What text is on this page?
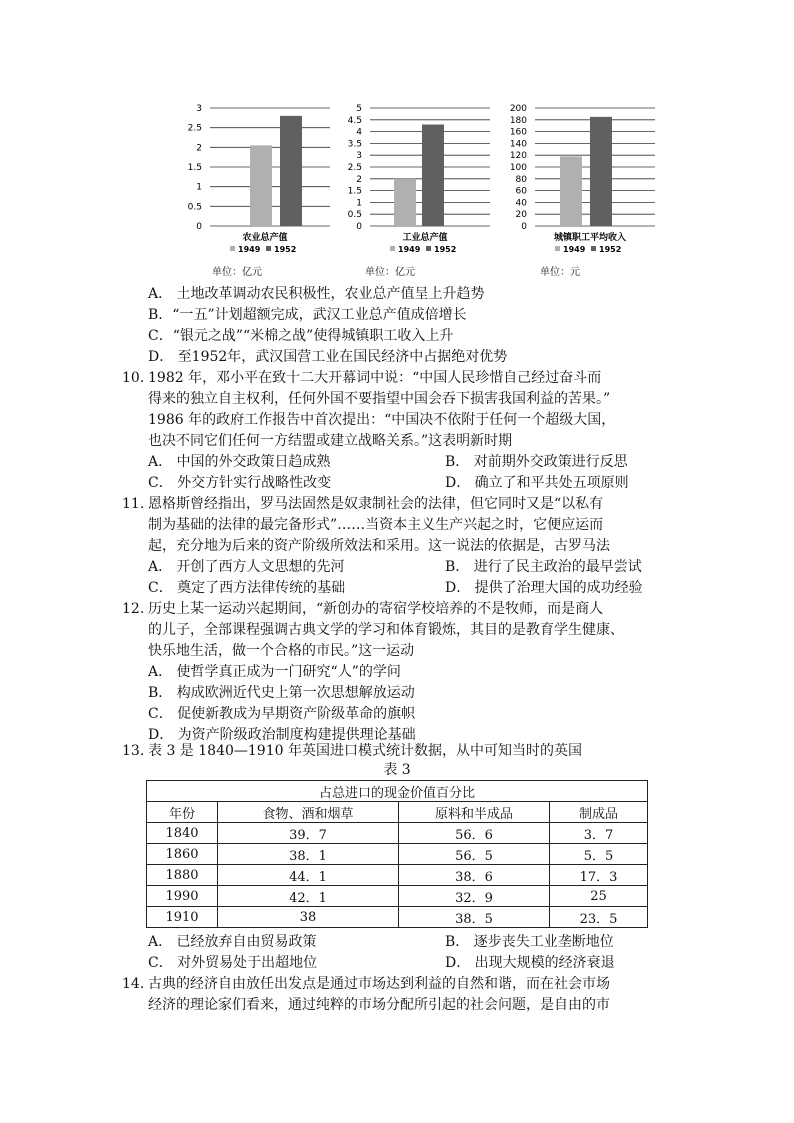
0
0.5
1
1.5
2
2.5
3
农业总产值
1949 1952
单位：亿元
0
0.5
1
1.5
2
2.5
3
3.5
4
4.5
5
工业总产值
1949 1952
单位：亿元
0
20
40
60
80
100
120
140
160
180
200
城镇职工平均收入
1949 1952
单位：元
A． 土地改革调动农民积极性，农业总产值呈上升趋势
B．“一五”计划超额完成，武汉工业总产值成倍增长
C．“银元之战”“米棉之战”使得城镇职工收入上升
D． 至1952年，武汉国营工业在国民经济中占据绝对优势
10. 1982 年，邓小平在致十二大开幕词中说：“中国人民珍惜自己经过奋斗而
得来的独立自主权利，任何外国不要指望中国会吞下损害我国利益的苦果。”
1986 年的政府工作报告中首次提出：“中国决不依附于任何一个超级大国，
也决不同它们任何一方结盟或建立战略关系。”这表明新时期
A． 中国的外交政策日趋成熟	B． 对前期外交政策进行反思
C． 外交方针实行战略性改变	D． 确立了和平共处五项原则
11. 恩格斯曾经指出，罗马法固然是奴隶制社会的法律，但它同时又是“以私有
制为基础的法律的最完备形式”……当资本主义生产兴起之时，它便应运而
起，充分地为后来的资产阶级所效法和采用。这一说法的依据是，古罗马法
A． 开创了西方人文思想的先河	B． 进行了民主政治的最早尝试
C． 奠定了西方法律传统的基础	D． 提供了治理大国的成功经验
12. 历史上某一运动兴起期间，“新创办的寄宿学校培养的不是牧师，而是商人
的儿子，全部课程强调古典文学的学习和体育锻炼，其目的是教育学生健康、
快乐地生活，做一个合格的市民。”这一运动
A． 使哲学真正成为一门研究“人”的学问
B． 构成欧洲近代史上第一次思想解放运动
C． 促使新教成为早期资产阶级革命的旗帜
D． 为资产阶级政治制度构建提供理论基础
13. 表 3 是 1840—1910 年英国进口模式统计数据，从中可知当时的英国
表 3
占总进口的现金价值百分比			
年份	食物、酒和烟草	原料和半成品	制成品
1840	39．7	56．6	3．7
1860	38．1	56．5	5．5
1880	44．1	38．6	17．3
1990	42．1	32．9	25
1910	38	38．5	23．5
A． 已经放弃自由贸易政策	B． 逐步丧失工业垄断地位
C． 对外贸易处于出超地位	D． 出现大规模的经济衰退
14. 古典的经济自由放任出发点是通过市场达到利益的自然和谐，而在社会市场
经济的理论家们看来，通过纯粹的市场分配所引起的社会问题，是自由的市
